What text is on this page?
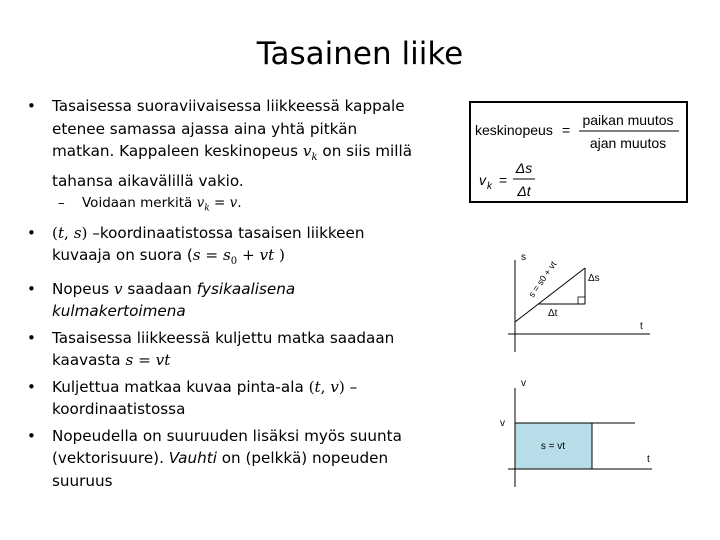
Tasainen liike
• Tasaisessa suoraviivaisessa liikkeessä kappale
etenee samassa ajassa aina yhtä pitkän
matkan. Kappaleen keskinopeus $v_k$ on siis millä
tahansa aikavälillä vakio.
– Voidaan merkitä $v_k = v$.
• (t, s) –koordinaatistossa tasaisen liikkeen
kuvaaja on suora ($s = s_0$ + vt )
• Nopeus v saadaan fysikaalisena
kulmakertoimena
• Tasaisessa liikkeessä kuljettu matka saadaan
kaavasta s = vt
• Kuljettua matkaa kuvaa pinta-ala (t, v) –
koordinaatistossa
• Nopeudella on suuruuden lisäksi myös suunta
(vektorisuure). Vauhti on (pelkkä) nopeuden
suuruus
keskinopeus =
paikan muutos
ajan muutos
v k =
Δs
Δt
s
t
Δs
Δt
s = s0 + vt
v
v
t
s = vt
